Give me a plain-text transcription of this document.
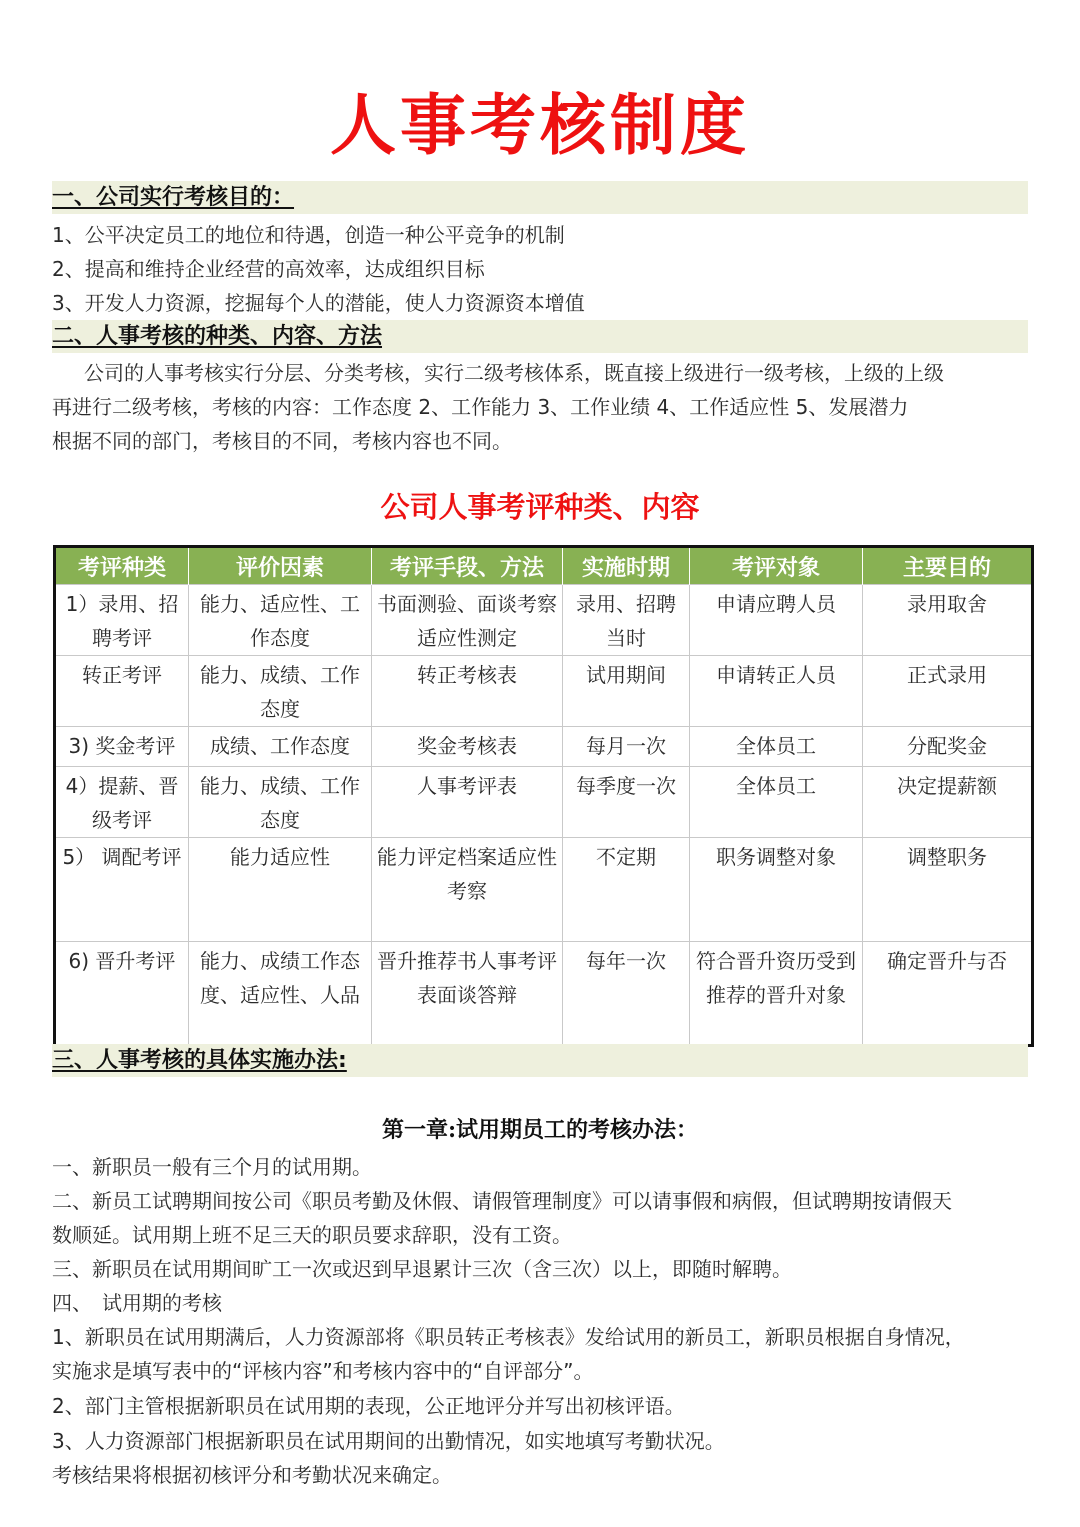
人事考核制度
一、公司实行考核目的：
1、公平决定员工的地位和待遇，创造一种公平竞争的机制
2、提高和维持企业经营的高效率，达成组织目标
3、开发人力资源，挖掘每个人的潜能，使人力资源资本增值
二、人事考核的种类、内容、方法
公司的人事考核实行分层、分类考核，实行二级考核体系，既直接上级进行一级考核，上级的上级
再进行二级考核，考核的内容：工作态度 2、工作能力 3、工作业绩 4、工作适应性 5、发展潜力
根据不同的部门，考核目的不同，考核内容也不同。
公司人事考评种类、内容
考评种类	评价因素	考评手段、方法	实施时期	考评对象	主要目的
1）录用、招聘考评	能力、适应性、工作态度	书面测验、面谈考察适应性测定	录用、招聘当时	申请应聘人员	录用取舍
转正考评	能力、成绩、工作态度	转正考核表	试用期间	申请转正人员	正式录用
3) 奖金考评	成绩、工作态度	奖金考核表	每月一次	全体员工	分配奖金
4）提薪、晋级考评	能力、成绩、工作态度	人事考评表	每季度一次	全体员工	决定提薪额
5） 调配考评	能力适应性	能力评定档案适应性考察	不定期	职务调整对象	调整职务
6) 晋升考评	能力、成绩工作态度、适应性、人品	晋升推荐书人事考评表面谈答辩	每年一次	符合晋升资历受到推荐的晋升对象	确定晋升与否
三、人事考核的具体实施办法:
第一章:试用期员工的考核办法：
一、新职员一般有三个月的试用期。
二、新员工试聘期间按公司《职员考勤及休假、请假管理制度》可以请事假和病假，但试聘期按请假天
数顺延。试用期上班不足三天的职员要求辞职，没有工资。
三、新职员在试用期间旷工一次或迟到早退累计三次（含三次）以上，即随时解聘。
四、　试用期的考核
1、新职员在试用期满后，人力资源部将《职员转正考核表》发给试用的新员工，新职员根据自身情况，
实施求是填写表中的“评核内容”和考核内容中的“自评部分”。
2、部门主管根据新职员在试用期的表现，公正地评分并写出初核评语。
3、人力资源部门根据新职员在试用期间的出勤情况，如实地填写考勤状况。
考核结果将根据初核评分和考勤状况来确定。
